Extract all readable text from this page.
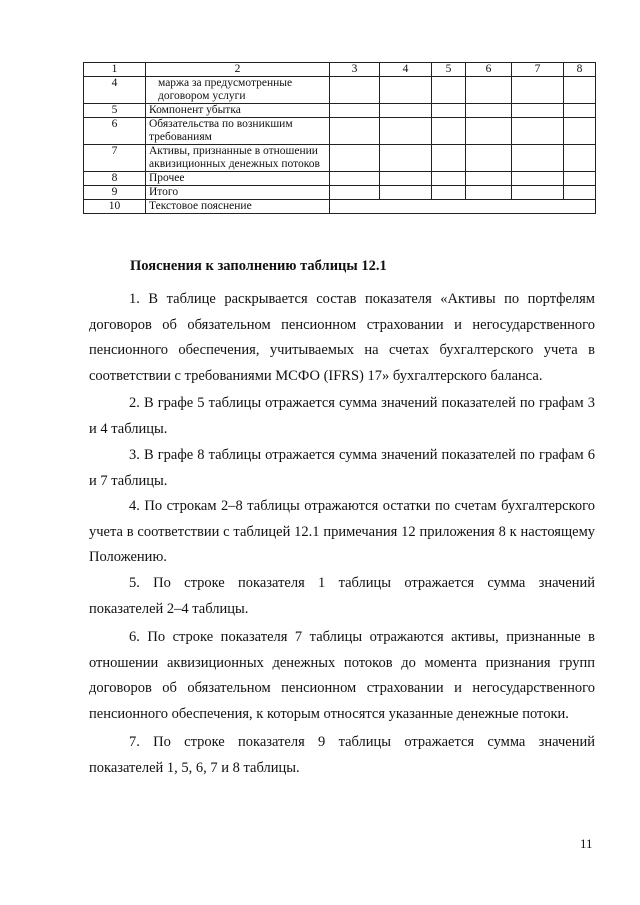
1	2	3	4	5	6	7	8
4	маржа за предусмотренные договором услуги						
5	Компонент убытка						
6	Обязательства по возникшим требованиям						
7	Активы, признанные в отношении аквизиционных денежных потоков						
8	Прочее						
9	Итого						
10	Текстовое пояснение						
Пояснения к заполнению таблицы 12.1

1. В таблице раскрывается состав показателя «Активы по портфелям договоров об обязательном пенсионном страховании и негосударственного пенсионного обеспечения, учитываемых на счетах бухгалтерского учета в соответствии с требованиями МСФО (IFRS) 17» бухгалтерского баланса.

2. В графе 5 таблицы отражается сумма значений показателей по графам 3 и 4 таблицы.

3. В графе 8 таблицы отражается сумма значений показателей по графам 6 и 7 таблицы.

4. По строкам 2–8 таблицы отражаются остатки по счетам бухгалтерского учета в соответствии с таблицей 12.1 примечания 12 приложения 8 к настоящему Положению.

5. По строке показателя 1 таблицы отражается сумма значений показателей 2–4 таблицы.

6. По строке показателя 7 таблицы отражаются активы, признанные в отношении аквизиционных денежных потоков до момента признания групп договоров об обязательном пенсионном страховании и негосударственного пенсионного обеспечения, к которым относятся указанные денежные потоки.

7. По строке показателя 9 таблицы отражается сумма значений показателей 1, 5, 6, 7 и 8 таблицы.

11
